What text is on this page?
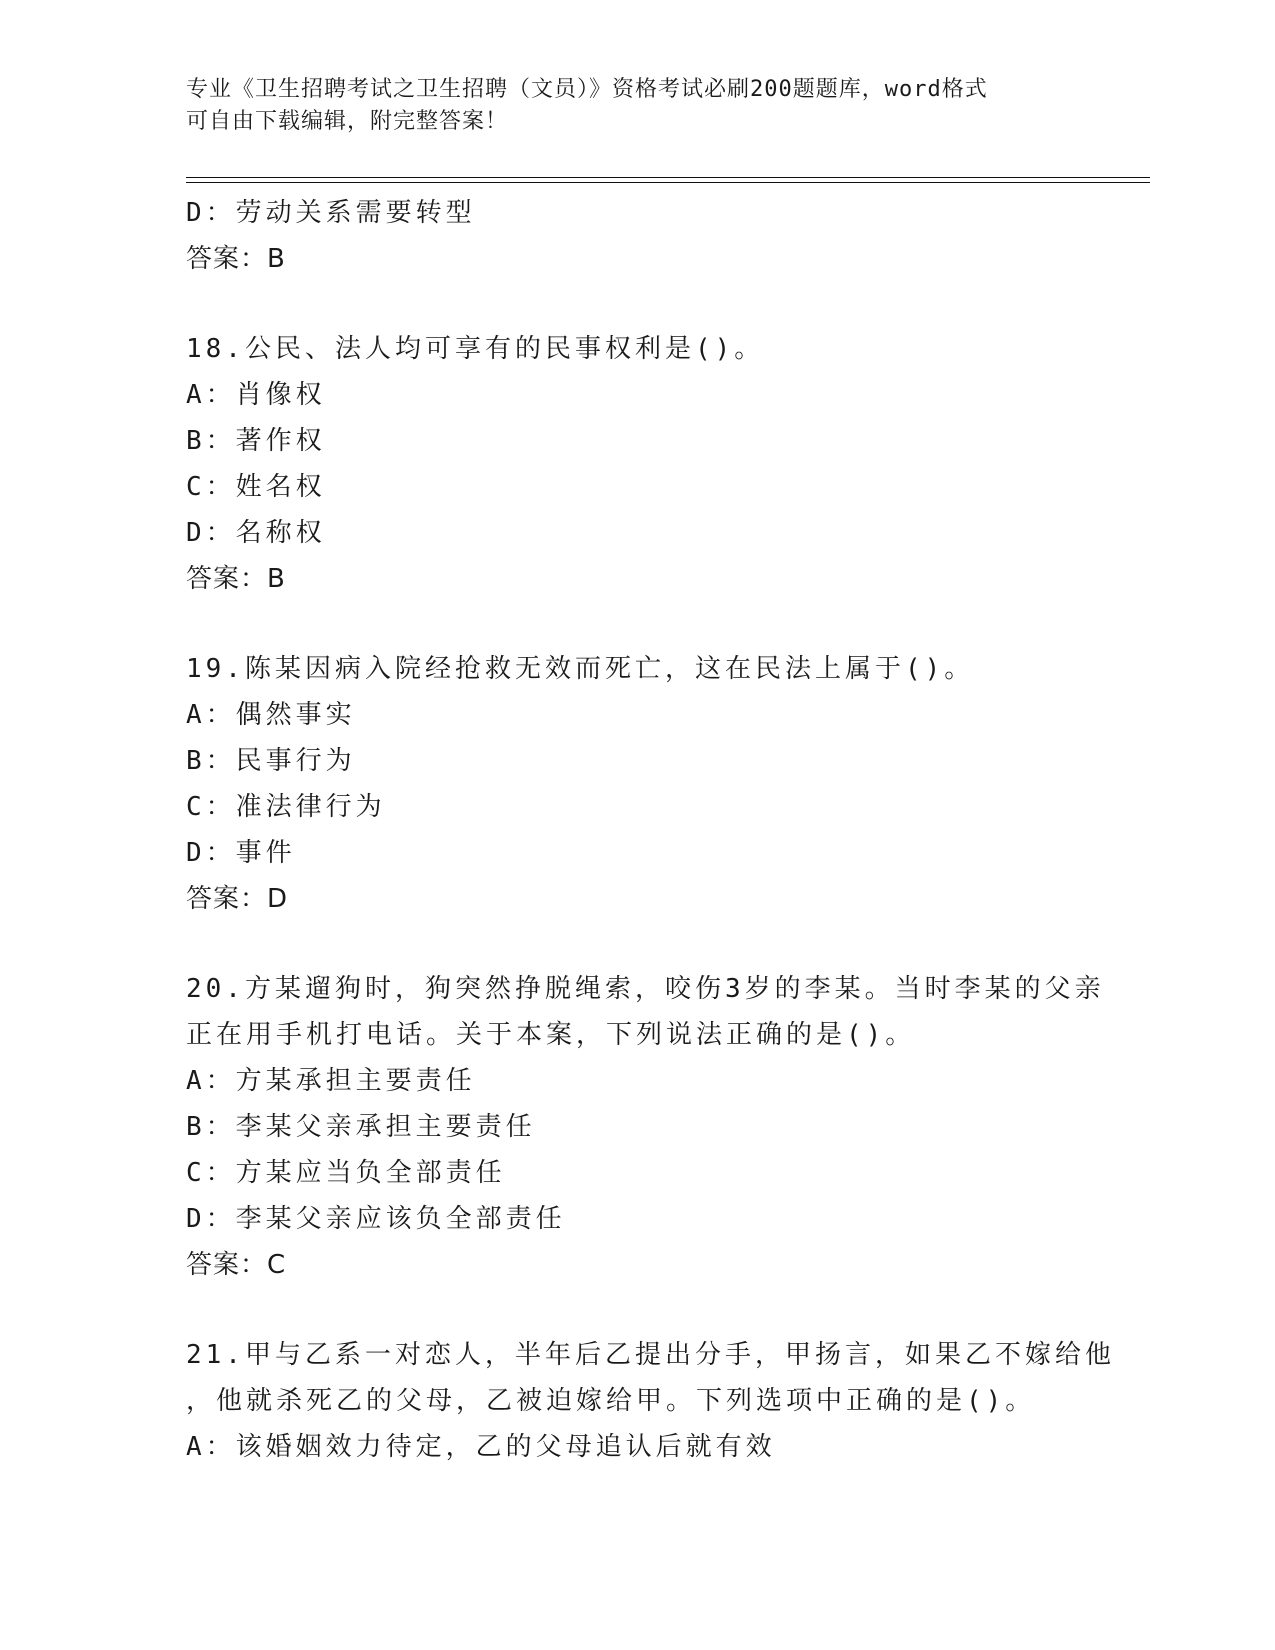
专业《卫生招聘考试之卫生招聘（文员）》资格考试必刷200题题库，word格式
可自由下载编辑，附完整答案！
D：劳动关系需要转型
答案：B
18.公民、法人均可享有的民事权利是()。
A：肖像权
B：著作权
C：姓名权
D：名称权
答案：B
19.陈某因病入院经抢救无效而死亡，这在民法上属于()。
A：偶然事实
B：民事行为
C：准法律行为
D：事件
答案：D
20.方某遛狗时，狗突然挣脱绳索，咬伤3岁的李某。当时李某的父亲
正在用手机打电话。关于本案，下列说法正确的是()。
A：方某承担主要责任
B：李某父亲承担主要责任
C：方某应当负全部责任
D：李某父亲应该负全部责任
答案：C
21.甲与乙系一对恋人，半年后乙提出分手，甲扬言，如果乙不嫁给他
，他就杀死乙的父母，乙被迫嫁给甲。下列选项中正确的是()。
A：该婚姻效力待定，乙的父母追认后就有效
